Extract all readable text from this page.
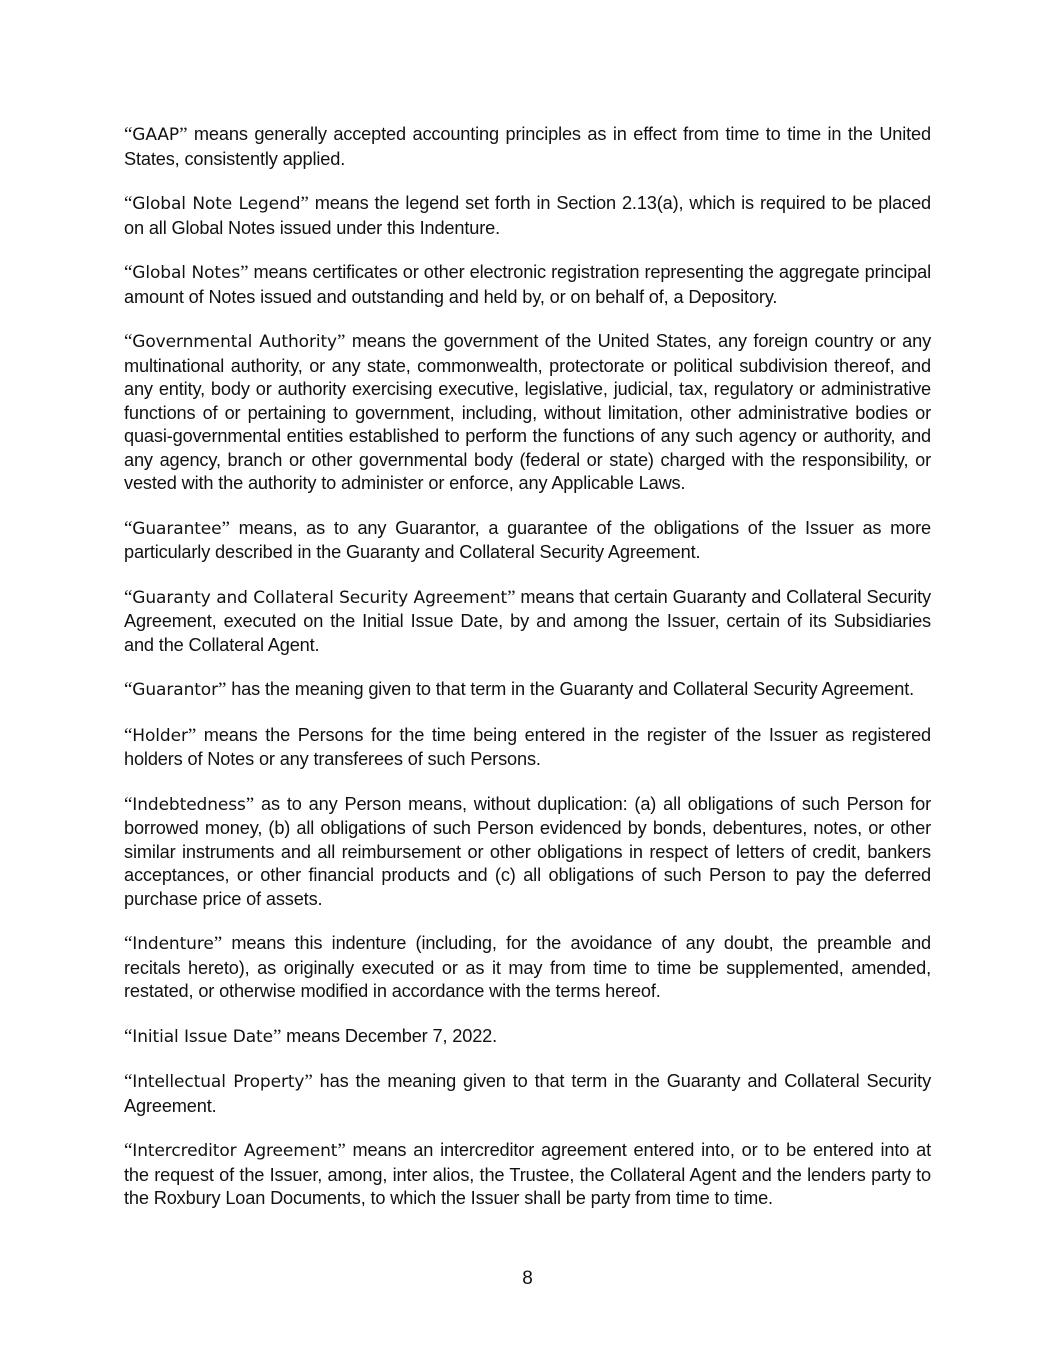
“GAAP” means generally accepted accounting principles as in effect from time to time in the United States, consistently applied.

“Global Note Legend” means the legend set forth in Section 2.13(a), which is required to be placed on all Global Notes issued under this Indenture.

“Global Notes” means certificates or other electronic registration representing the aggregate principal amount of Notes issued and outstanding and held by, or on behalf of, a Depository.

“Governmental Authority” means the government of the United States, any foreign country or any multinational authority, or any state, commonwealth, protectorate or political subdivision thereof, and any entity, body or authority exercising executive, legislative, judicial, tax, regulatory or administrative functions of or pertaining to government, including, without limitation, other administrative bodies or quasi-governmental entities established to perform the functions of any such agency or authority, and any agency, branch or other governmental body (federal or state) charged with the responsibility, or vested with the authority to administer or enforce, any Applicable Laws.

“Guarantee” means, as to any Guarantor, a guarantee of the obligations of the Issuer as more particularly described in the Guaranty and Collateral Security Agreement.

“Guaranty and Collateral Security Agreement” means that certain Guaranty and Collateral Security Agreement, executed on the Initial Issue Date, by and among the Issuer, certain of its Subsidiaries and the Collateral Agent.

“Guarantor” has the meaning given to that term in the Guaranty and Collateral Security Agreement.

“Holder” means the Persons for the time being entered in the register of the Issuer as registered holders of Notes or any transferees of such Persons.

“Indebtedness” as to any Person means, without duplication: (a) all obligations of such Person for borrowed money, (b) all obligations of such Person evidenced by bonds, debentures, notes, or other similar instruments and all reimbursement or other obligations in respect of letters of credit, bankers acceptances, or other financial products and (c) all obligations of such Person to pay the deferred purchase price of assets.

“Indenture” means this indenture (including, for the avoidance of any doubt, the preamble and recitals hereto), as originally executed or as it may from time to time be supplemented, amended, restated, or otherwise modified in accordance with the terms hereof.

“Initial Issue Date” means December 7, 2022.

“Intellectual Property” has the meaning given to that term in the Guaranty and Collateral Security Agreement.

“Intercreditor Agreement” means an intercreditor agreement entered into, or to be entered into at the request of the Issuer, among, inter alios, the Trustee, the Collateral Agent and the lenders party to the Roxbury Loan Documents, to which the Issuer shall be party from time to time.

8
